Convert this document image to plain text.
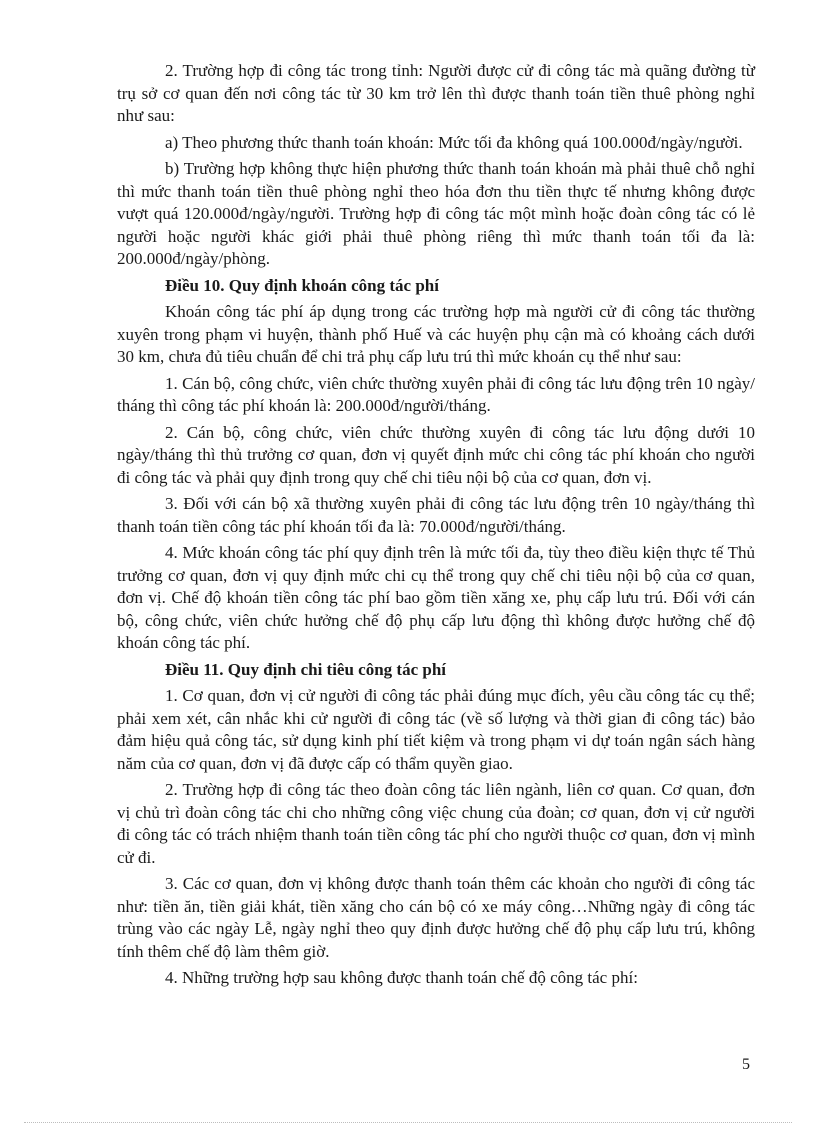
2. Trường hợp đi công tác trong tỉnh: Người được cử đi công tác mà quãng đường từ trụ sở cơ quan đến nơi công tác từ 30 km trở lên thì được thanh toán tiền thuê phòng nghỉ như sau:

a) Theo phương thức thanh toán khoán: Mức tối đa không quá 100.000đ/ngày/người.

b) Trường hợp không thực hiện phương thức thanh toán khoán mà phải thuê chỗ nghỉ thì mức thanh toán tiền thuê phòng nghỉ theo hóa đơn thu tiền thực tế nhưng không được vượt quá 120.000đ/ngày/người. Trường hợp đi công tác một mình hoặc đoàn công tác có lẻ người hoặc người khác giới phải thuê phòng riêng thì mức thanh toán tối đa là: 200.000đ/ngày/phòng.

Điều 10. Quy định khoán công tác phí

Khoán công tác phí áp dụng trong các trường hợp mà người cử đi công tác thường xuyên trong phạm vi huyện, thành phố Huế và các huyện phụ cận mà có khoảng cách dưới 30 km, chưa đủ tiêu chuẩn để chi trả phụ cấp lưu trú thì mức khoán cụ thể như sau:

1. Cán bộ, công chức, viên chức thường xuyên phải đi công tác lưu động trên 10 ngày/ tháng thì công tác phí khoán là: 200.000đ/người/tháng.

2. Cán bộ, công chức, viên chức thường xuyên đi công tác lưu động dưới 10 ngày/tháng thì thủ trưởng cơ quan, đơn vị quyết định mức chi công tác phí khoán cho người đi công tác và phải quy định trong quy chế chi tiêu nội bộ của cơ quan, đơn vị.

3. Đối với cán bộ xã thường xuyên phải đi công tác lưu động trên 10 ngày/tháng thì thanh toán tiền công tác phí khoán tối đa là: 70.000đ/người/tháng.

4. Mức khoán công tác phí quy định trên là mức tối đa, tùy theo điều kiện thực tế Thủ trưởng cơ quan, đơn vị quy định mức chi cụ thể trong quy chế chi tiêu nội bộ của cơ quan, đơn vị. Chế độ khoán tiền công tác phí bao gồm tiền xăng xe, phụ cấp lưu trú. Đối với cán bộ, công chức, viên chức hưởng chế độ phụ cấp lưu động thì không được hưởng chế độ khoán công tác phí.

Điều 11. Quy định chi tiêu công tác phí

1. Cơ quan, đơn vị cử người đi công tác phải đúng mục đích, yêu cầu công tác cụ thể; phải xem xét, cân nhắc khi cử người đi công tác (về số lượng và thời gian đi công tác) bảo đảm hiệu quả công tác, sử dụng kinh phí tiết kiệm và trong phạm vi dự toán ngân sách hàng năm của cơ quan, đơn vị đã được cấp có thẩm quyền giao.

2. Trường hợp đi công tác theo đoàn công tác liên ngành, liên cơ quan. Cơ quan, đơn vị chủ trì đoàn công tác chi cho những công việc chung của đoàn; cơ quan, đơn vị cử người đi công tác có trách nhiệm thanh toán tiền công tác phí cho người thuộc cơ quan, đơn vị mình cử đi.

3. Các cơ quan, đơn vị không được thanh toán thêm các khoản cho người đi công tác như: tiền ăn, tiền giải khát, tiền xăng cho cán bộ có xe máy công…Những ngày đi công tác trùng vào các ngày Lễ, ngày nghỉ theo quy định được hưởng chế độ phụ cấp lưu trú, không tính thêm chế độ làm thêm giờ.

4. Những trường hợp sau không được thanh toán chế độ công tác phí:

5
